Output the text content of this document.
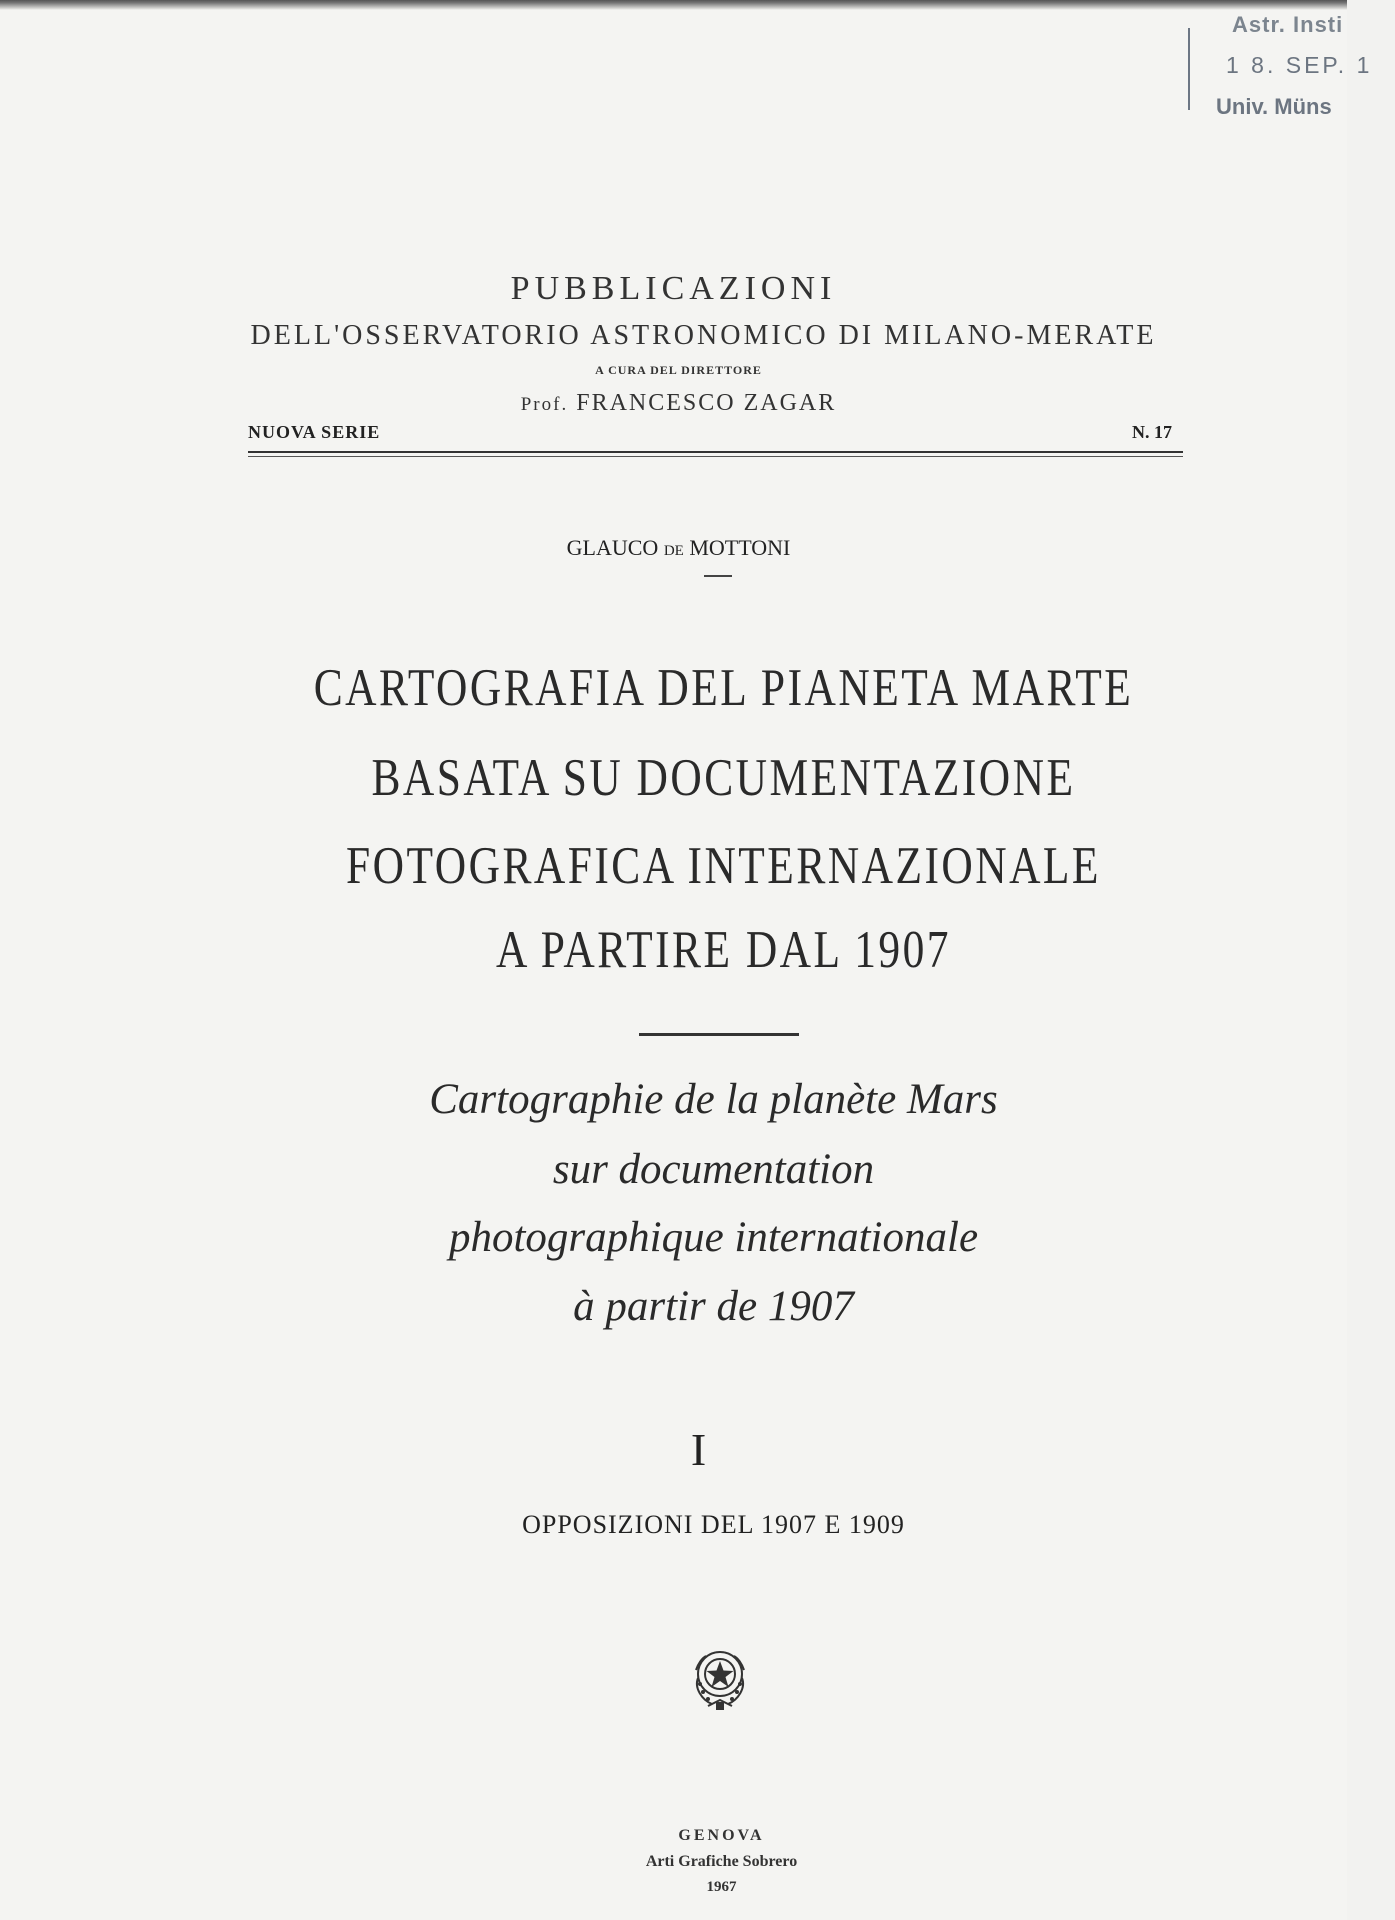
Astr. Insti
1 8. SEP. 1
Univ. Müns
PUBBLICAZIONI
DELL'OSSERVATORIO ASTRONOMICO DI MILANO-MERATE
A CURA DEL DIRETTORE
Prof. FRANCESCO ZAGAR
NUOVA SERIE	N. 17
GLAUCO DE MOTTONI
CARTOGRAFIA DEL PIANETA MARTE
BASATA SU DOCUMENTAZIONE
FOTOGRAFICA INTERNAZIONALE
A PARTIRE DAL 1907
Cartographie de la planète Mars
sur documentation
photographique internationale
à partir de 1907
I
OPPOSIZIONI DEL 1907 E 1909
GENOVA
Arti Grafiche Sobrero
1967
